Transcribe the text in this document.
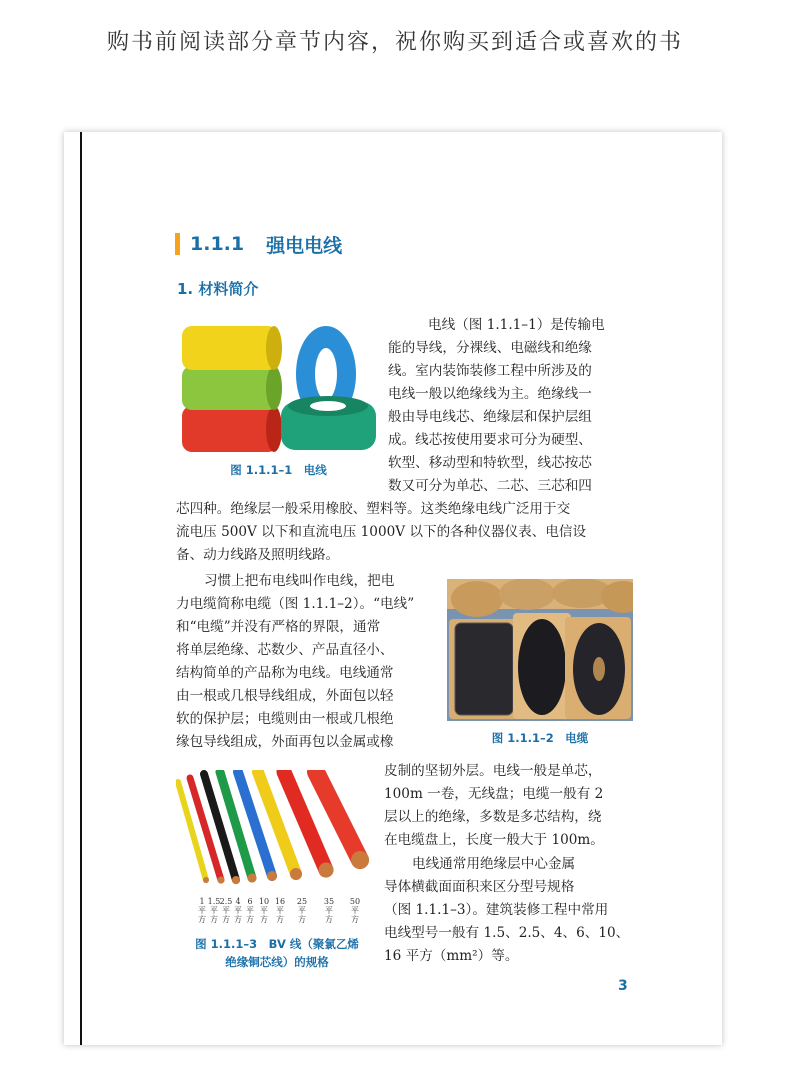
购书前阅读部分章节内容，祝你购买到适合或喜欢的书
1.1.1 强电电线
1. 材料简介
图 1.1.1–1　电线
电线（图 1.1.1–1）是传输电
能的导线，分裸线、电磁线和绝缘
线。室内装饰装修工程中所涉及的
电线一般以绝缘线为主。绝缘线一
般由导电线芯、绝缘层和保护层组
成。线芯按使用要求可分为硬型、
软型、移动型和特软型，线芯按芯
数又可分为单芯、二芯、三芯和四
芯四种。绝缘层一般采用橡胶、塑料等。这类绝缘电线广泛用于交
流电压 500V 以下和直流电压 1000V 以下的各种仪器仪表、电信设
备、动力线路及照明线路。
习惯上把布电线叫作电线，把电
力电缆简称电缆（图 1.1.1–2）。“电线”
和“电缆”并没有严格的界限，通常
将单层绝缘、芯数少、产品直径小、
结构简单的产品称为电线。电线通常
由一根或几根导线组成，外面包以轻
软的保护层；电缆则由一根或几根绝
缘包导线组成，外面再包以金属或橡	图 1.1.1–2　电缆
1
平方
1.5
平方
2.5
平方
4
平方
6
平方
10
平方
16
平方
25
平方
35
平方
50
平方
图 1.1.1–3　BV 线（聚氯乙烯
绝缘铜芯线）的规格
皮制的坚韧外层。电线一般是单芯，
100m 一卷，无线盘；电缆一般有 2
层以上的绝缘，多数是多芯结构，绕
在电缆盘上，长度一般大于 100m。
电线通常用绝缘层中心金属
导体横截面面积来区分型号规格
（图 1.1.1–3）。建筑装修工程中常用
电线型号一般有 1.5、2.5、4、6、10、
16 平方（mm²）等。
3
